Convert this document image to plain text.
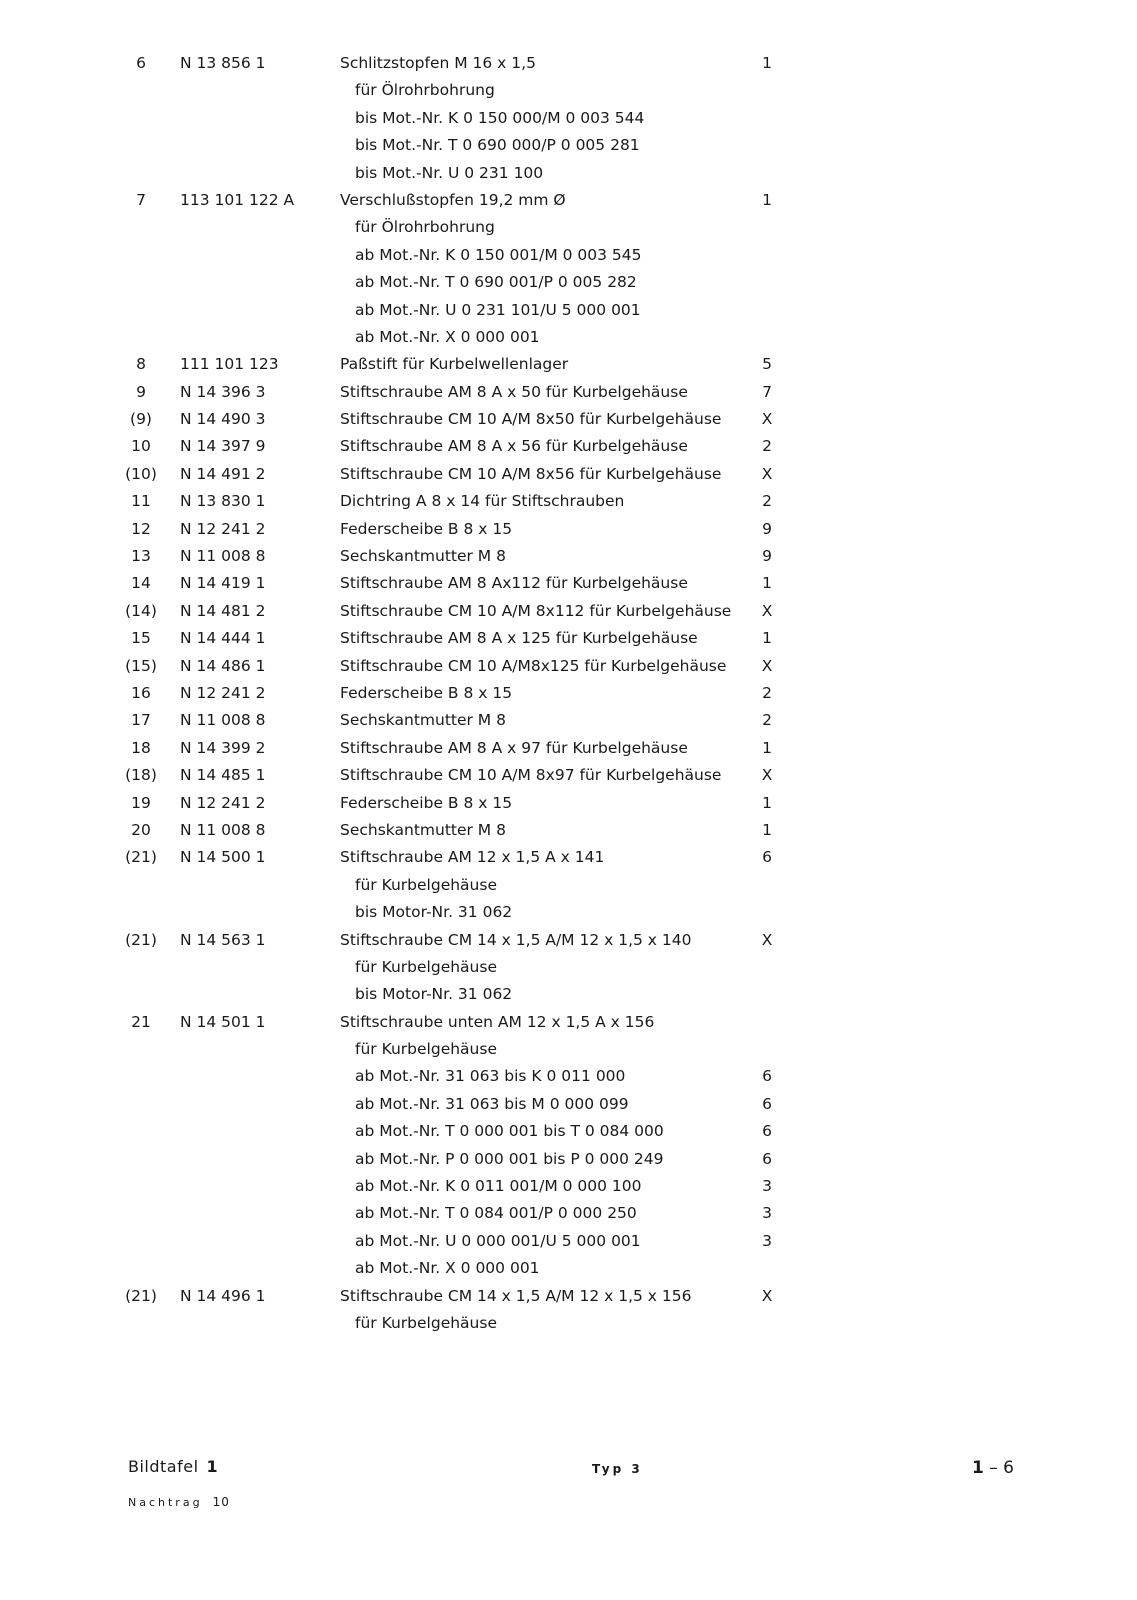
6	N 13 856 1	Schlitzstopfen M 16 x 1,5	1
für Ölrohrbohrung
bis Mot.-Nr. K 0 150 000/M 0 003 544
bis Mot.-Nr. T 0 690 000/P 0 005 281
bis Mot.-Nr. U 0 231 100
7	113 101 122 A	Verschlußstopfen 19,2 mm Ø	1
für Ölrohrbohrung
ab Mot.-Nr. K 0 150 001/M 0 003 545
ab Mot.-Nr. T 0 690 001/P 0 005 282
ab Mot.-Nr. U 0 231 101/U 5 000 001
ab Mot.-Nr. X 0 000 001
8	111 101 123	Paßstift für Kurbelwellenlager	5
9	N 14 396 3	Stiftschraube AM 8 A x 50 für Kurbelgehäuse	7
(9)	N 14 490 3	Stiftschraube CM 10 A/M 8x50 für Kurbelgehäuse	X
10	N 14 397 9	Stiftschraube AM 8 A x 56 für Kurbelgehäuse	2
(10)	N 14 491 2	Stiftschraube CM 10 A/M 8x56 für Kurbelgehäuse	X
11	N 13 830 1	Dichtring A 8 x 14 für Stiftschrauben	2
12	N 12 241 2	Federscheibe B 8 x 15	9
13	N 11 008 8	Sechskantmutter M 8	9
14	N 14 419 1	Stiftschraube AM 8 Ax112 für Kurbelgehäuse	1
(14)	N 14 481 2	Stiftschraube CM 10 A/M 8x112 für Kurbelgehäuse	X
15	N 14 444 1	Stiftschraube AM 8 A x 125 für Kurbelgehäuse	1
(15)	N 14 486 1	Stiftschraube CM 10 A/M8x125 für Kurbelgehäuse	X
16	N 12 241 2	Federscheibe B 8 x 15	2
17	N 11 008 8	Sechskantmutter M 8	2
18	N 14 399 2	Stiftschraube AM 8 A x 97 für Kurbelgehäuse	1
(18)	N 14 485 1	Stiftschraube CM 10 A/M 8x97 für Kurbelgehäuse	X
19	N 12 241 2	Federscheibe B 8 x 15	1
20	N 11 008 8	Sechskantmutter M 8	1
(21)	N 14 500 1	Stiftschraube AM 12 x 1,5 A x 141	6
für Kurbelgehäuse
bis Motor-Nr. 31 062
(21)	N 14 563 1	Stiftschraube CM 14 x 1,5 A/M 12 x 1,5 x 140	X
für Kurbelgehäuse
bis Motor-Nr. 31 062
21	N 14 501 1	Stiftschraube unten AM 12 x 1,5 A x 156
für Kurbelgehäuse
ab Mot.-Nr. 31 063 bis K 0 011 000	6
ab Mot.-Nr. 31 063 bis M 0 000 099	6
ab Mot.-Nr. T 0 000 001 bis T 0 084 000	6
ab Mot.-Nr. P 0 000 001 bis P 0 000 249	6
ab Mot.-Nr. K 0 011 001/M 0 000 100	3
ab Mot.-Nr. T 0 084 001/P 0 000 250	3
ab Mot.-Nr. U 0 000 001/U 5 000 001	3
ab Mot.-Nr. X 0 000 001
(21)	N 14 496 1	Stiftschraube CM 14 x 1,5 A/M 12 x 1,5 x 156	X
für Kurbelgehäuse
Bildtafel 1
Nachtrag 10
Typ 3	1 – 6
